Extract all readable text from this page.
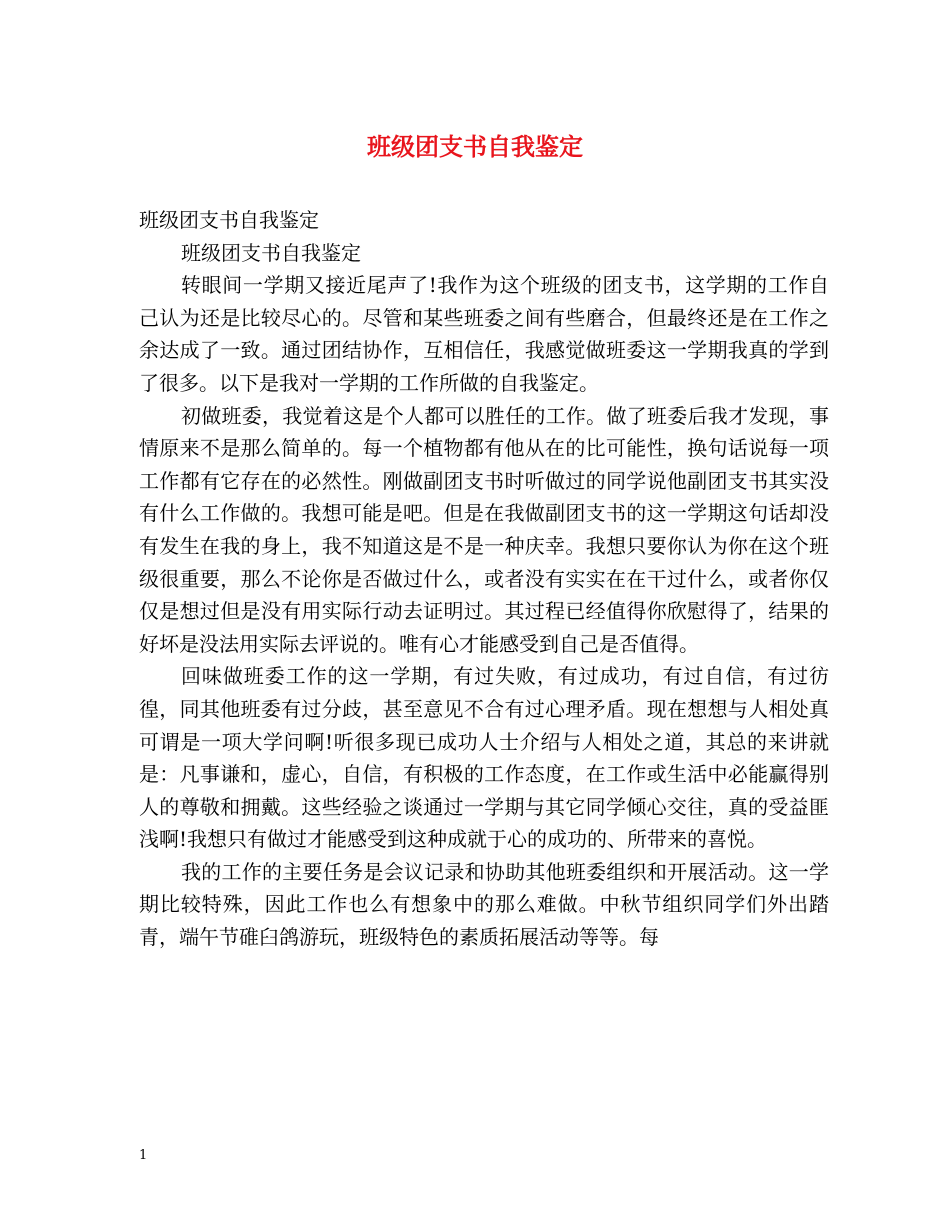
班级团支书自我鉴定

班级团支书自我鉴定

班级团支书自我鉴定

转眼间一学期又接近尾声了!我作为这个班级的团支书，这学期的工作自己认为还是比较尽心的。尽管和某些班委之间有些磨合，但最终还是在工作之余达成了一致。通过团结协作，互相信任，我感觉做班委这一学期我真的学到了很多。以下是我对一学期的工作所做的自我鉴定。

初做班委，我觉着这是个人都可以胜任的工作。做了班委后我才发现，事情原来不是那么简单的。每一个植物都有他从在的比可能性，换句话说每一项工作都有它存在的必然性。刚做副团支书时听做过的同学说他副团支书其实没有什么工作做的。我想可能是吧。但是在我做副团支书的这一学期这句话却没有发生在我的身上，我不知道这是不是一种庆幸。我想只要你认为你在这个班级很重要，那么不论你是否做过什么，或者没有实实在在干过什么，或者你仅仅是想过但是没有用实际行动去证明过。其过程已经值得你欣慰得了，结果的好坏是没法用实际去评说的。唯有心才能感受到自己是否值得。

回味做班委工作的这一学期，有过失败，有过成功，有过自信，有过彷徨，同其他班委有过分歧，甚至意见不合有过心理矛盾。现在想想与人相处真可谓是一项大学问啊!听很多现已成功人士介绍与人相处之道，其总的来讲就是：凡事谦和，虚心，自信，有积极的工作态度，在工作或生活中必能赢得别人的尊敬和拥戴。这些经验之谈通过一学期与其它同学倾心交往，真的受益匪浅啊!我想只有做过才能感受到这种成就于心的成功的、所带来的喜悦。

我的工作的主要任务是会议记录和协助其他班委组织和开展活动。这一学期比较特殊，因此工作也么有想象中的那么难做。中秋节组织同学们外出踏青，端午节碓臼鸽游玩，班级特色的素质拓展活动等等。每

1
